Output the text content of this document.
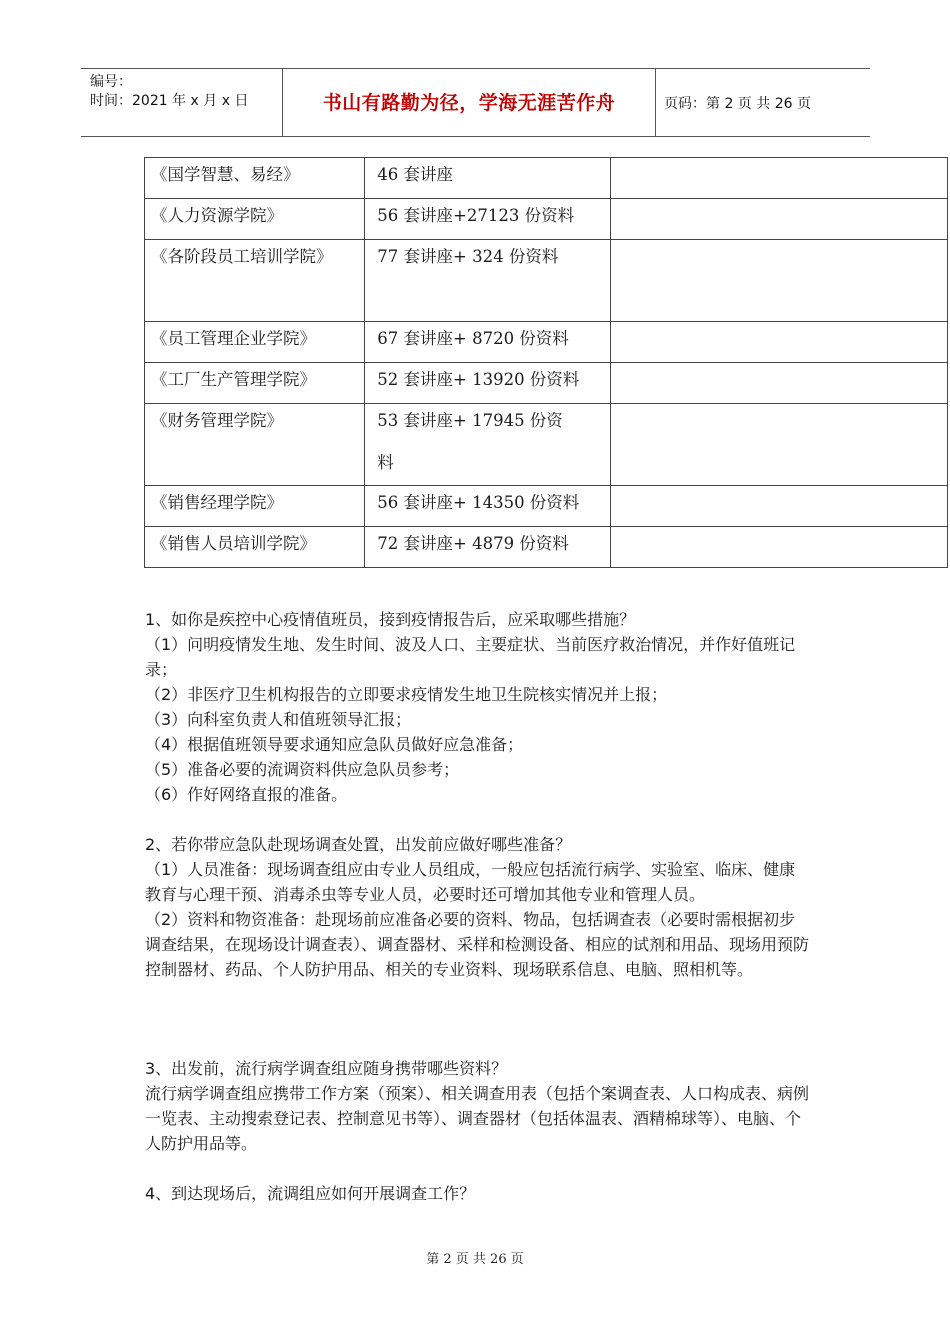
编号：
时间：2021 年 x 月 x 日	书山有路勤为径，学海无涯苦作舟	页码：第 2 页 共 26 页
《国学智慧、易经》	46 套讲座	

《人力资源学院》	56 套讲座+27123 份资料	

《各阶段员工培训学院》	77 套讲座+ 324 份资料	

《员工管理企业学院》	67 套讲座+ 8720 份资料	

《工厂生产管理学院》	52 套讲座+ 13920 份资料	

《财务管理学院》	53 套讲座+ 17945 份资料	

《销售经理学院》	56 套讲座+ 14350 份资料	

《销售人员培训学院》	72 套讲座+ 4879 份资料	

1、如你是疾控中心疫情值班员，接到疫情报告后，应采取哪些措施？

（1）问明疫情发生地、发生时间、波及人口、主要症状、当前医疗救治情况，并作好值班记录；

（2）非医疗卫生机构报告的立即要求疫情发生地卫生院核实情况并上报；

（3）向科室负责人和值班领导汇报；

（4）根据值班领导要求通知应急队员做好应急准备；

（5）准备必要的流调资料供应急队员参考；

（6）作好网络直报的准备。

2、若你带应急队赴现场调查处置，出发前应做好哪些准备？

（1）人员准备：现场调查组应由专业人员组成，一般应包括流行病学、实验室、临床、健康教育与心理干预、消毒杀虫等专业人员，必要时还可增加其他专业和管理人员。

（2）资料和物资准备：赴现场前应准备必要的资料、物品，包括调查表（必要时需根据初步调查结果，在现场设计调查表）、调查器材、采样和检测设备、相应的试剂和用品、现场用预防控制器材、药品、个人防护用品、相关的专业资料、现场联系信息、电脑、照相机等。

3、出发前，流行病学调查组应随身携带哪些资料？

流行病学调查组应携带工作方案（预案）、相关调查用表（包括个案调查表、人口构成表、病例一览表、主动搜索登记表、控制意见书等）、调查器材（包括体温表、酒精棉球等）、电脑、个人防护用品等。

4、到达现场后，流调组应如何开展调查工作？

第 2 页 共 26 页
